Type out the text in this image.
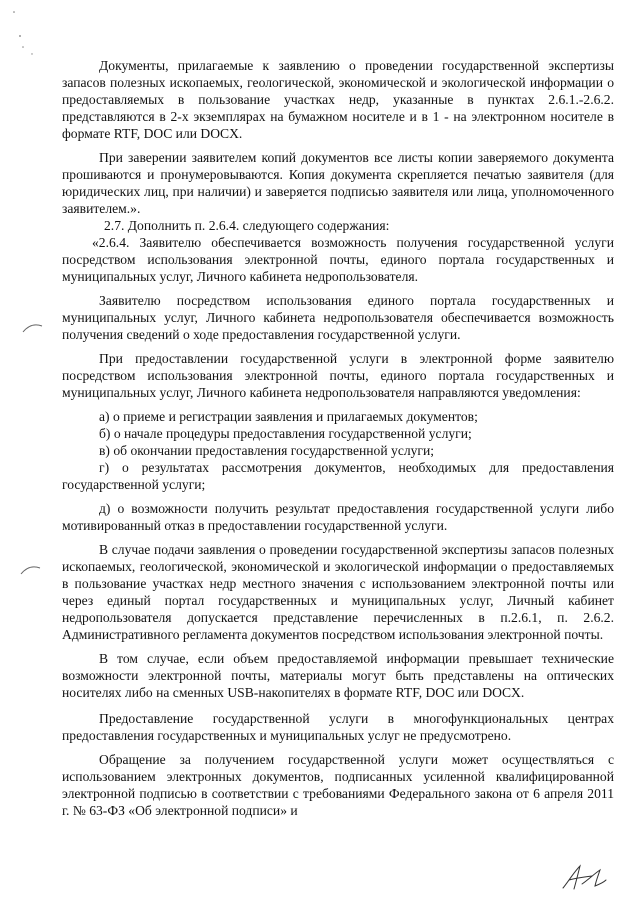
Документы, прилагаемые к заявлению о проведении государственной экспертизы запасов полезных ископаемых, геологической, экономической и экологической информации о предоставляемых в пользование участках недр, указанные в пунктах 2.6.1.-2.6.2. представляются в 2-х экземплярах на бумажном носителе и в 1 - на электронном носителе в формате RTF, DOC или DOCX.

При заверении заявителем копий документов все листы копии заверяемого документа прошиваются и пронумеровываются. Копия документа скрепляется печатью заявителя (для юридических лиц, при наличии) и заверяется подписью заявителя или лица, уполномоченного заявителем.».

2.7. Дополнить п. 2.6.4. следующего содержания:

«2.6.4. Заявителю обеспечивается возможность получения государственной услуги посредством использования электронной почты, единого портала государственных и муниципальных услуг, Личного кабинета недропользователя.

Заявителю посредством использования единого портала государственных и муниципальных услуг, Личного кабинета недропользователя обеспечивается возможность получения сведений о ходе предоставления государственной услуги.

При предоставлении государственной услуги в электронной форме заявителю посредством использования электронной почты, единого портала государственных и муниципальных услуг, Личного кабинета недропользователя направляются уведомления:

а) о приеме и регистрации заявления и прилагаемых документов;

б) о начале процедуры предоставления государственной услуги;

в) об окончании предоставления государственной услуги;

г) о результатах рассмотрения документов, необходимых для предоставления государственной услуги;

д) о возможности получить результат предоставления государственной услуги либо мотивированный отказ в предоставлении государственной услуги.

В случае подачи заявления о проведении государственной экспертизы запасов полезных ископаемых, геологической, экономической и экологической информации о предоставляемых в пользование участках недр местного значения с использованием электронной почты или через единый портал государственных и муниципальных услуг, Личный кабинет недропользователя допускается представление перечисленных в п.2.6.1, п. 2.6.2. Административного регламента документов посредством использования электронной почты.

В том случае, если объем предоставляемой информации превышает технические возможности электронной почты, материалы могут быть представлены на оптических носителях либо на сменных USB-накопителях в формате RTF, DOC или DOCX.

Предоставление государственной услуги в многофункциональных центрах предоставления государственных и муниципальных услуг не предусмотрено.

Обращение за получением государственной услуги может осуществляться с использованием электронных документов, подписанных усиленной квалифицированной электронной подписью в соответствии с требованиями Федерального закона от 6 апреля 2011 г. № 63-ФЗ «Об электронной подписи» и
